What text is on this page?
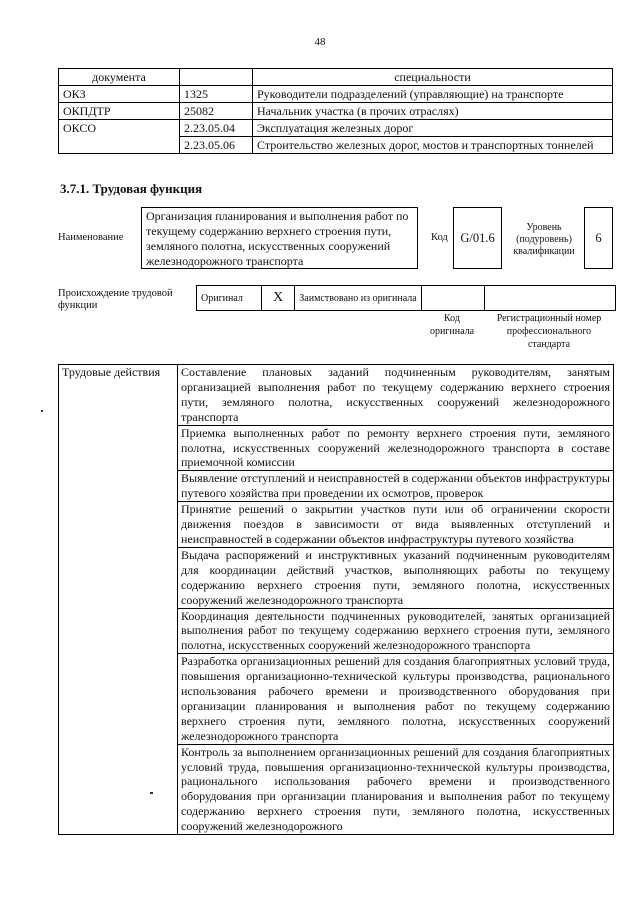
48
документа		специальности
ОКЗ	1325	Руководители подразделений (управляющие) на транспорте
ОКПДТР	25082	Начальник участка (в прочих отраслях)
ОКСО	2.23.05.04	Эксплуатация железных дорог
	2.23.05.06	Строительство железных дорог, мостов и транспортных тоннелей
3.7.1. Трудовая функция
Наименование
Организация планирования и выполнения работ по текущему содержанию верхнего строения пути, земляного полотна, искусственных сооружений железнодорожного транспорта
Код	G/01.6
Уровень (подуровень) квалификации
6
Происхождение трудовой функции
Оригинал	X	Заимствовано из оригинала		
Код оригинала
Регистрационный номер профессионального стандарта
Трудовые действия	Составление плановых заданий подчиненным руководителям, занятым организацией выполнения работ по текущему содержанию верхнего строения пути, земляного полотна, искусственных сооружений железнодорожного транспорта
Приемка выполненных работ по ремонту верхнего строения пути, земляного полотна, искусственных сооружений железнодорожного транспорта в составе приемочной комиссии
Выявление отступлений и неисправностей в содержании объектов инфраструктуры путевого хозяйства при проведении их осмотров, проверок
Принятие решений о закрытии участков пути или об ограничении скорости движения поездов в зависимости от вида выявленных отступлений и неисправностей в содержании объектов инфраструктуры путевого хозяйства
Выдача распоряжений и инструктивных указаний подчиненным руководителям для координации действий участков, выполняющих работы по текущему содержанию верхнего строения пути, земляного полотна, искусственных сооружений железнодорожного транспорта
Координация деятельности подчиненных руководителей, занятых организацией выполнения работ по текущему содержанию верхнего строения пути, земляного полотна, искусственных сооружений железнодорожного транспорта
Разработка организационных решений для создания благоприятных условий труда, повышения организационно-технической культуры производства, рационального использования рабочего времени и производственного оборудования при организации планирования и выполнения работ по текущему содержанию верхнего строения пути, земляного полотна, искусственных сооружений железнодорожного транспорта
Контроль за выполнением организационных решений для создания благоприятных условий труда, повышения организационно-технической культуры производства, рационального использования рабочего времени и производственного оборудования при организации планирования и выполнения работ по текущему содержанию верхнего строения пути, земляного полотна, искусственных сооружений железнодорожного
